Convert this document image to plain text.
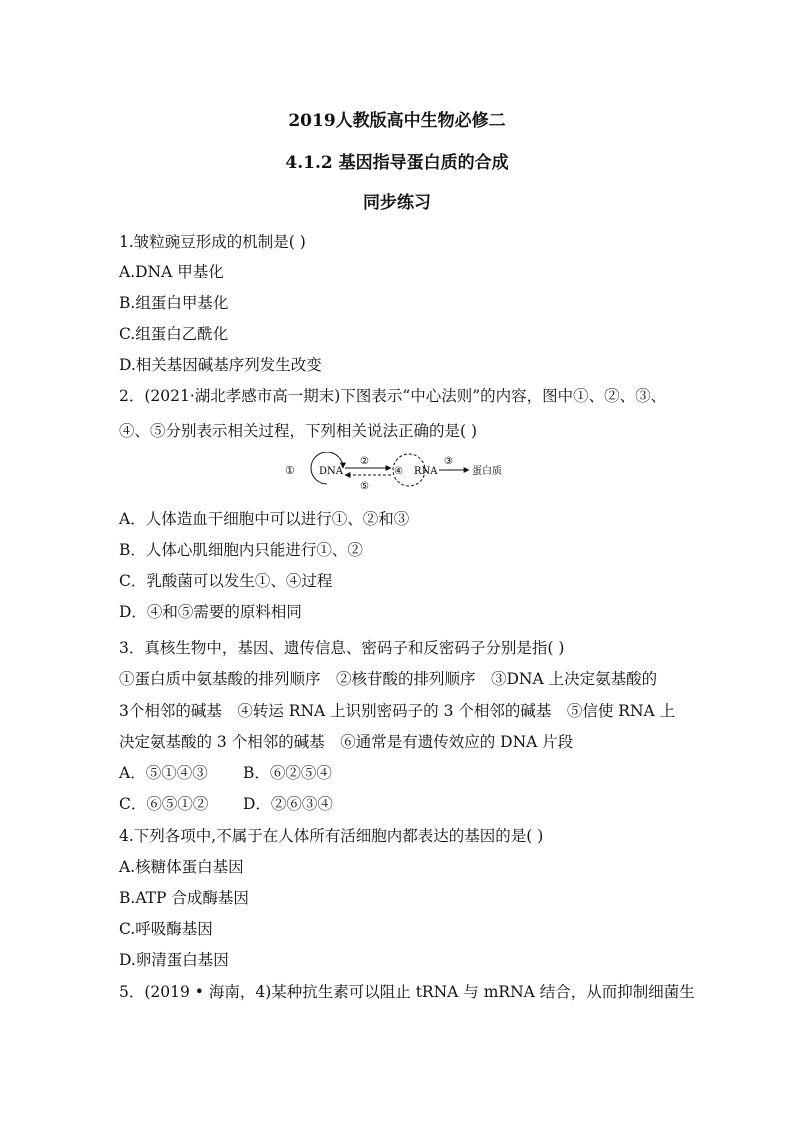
2019人教版高中生物必修二
4.1.2 基因指导蛋白质的合成
同步练习
1.皱粒豌豆形成的机制是( )
A.DNA 甲基化
B.组蛋白甲基化
C.组蛋白乙酰化
D.相关基因碱基序列发生改变
2．(2021·湖北孝感市高一期末)下图表示“中心法则”的内容，图中①、②、③、
④、⑤分别表示相关过程，下列相关说法正确的是( )
① DNA
②
⑤
④ RNA
③
蛋白质
A．人体造血干细胞中可以进行①、②和③
B．人体心肌细胞内只能进行①、②
C．乳酸菌可以发生①、④过程
D．④和⑤需要的原料相同
3．真核生物中，基因、遗传信息、密码子和反密码子分别是指( )
①蛋白质中氨基酸的排列顺序　②核苷酸的排列顺序　③DNA 上决定氨基酸的
3个相邻的碱基　④转运 RNA 上识别密码子的 3 个相邻的碱基　⑤信使 RNA 上
决定氨基酸的 3 个相邻的碱基　⑥通常是有遗传效应的 DNA 片段
A．⑤①④③ B．⑥②⑤④
C．⑥⑤①② D．②⑥③④
4.下列各项中,不属于在人体所有活细胞内都表达的基因的是( )
A.核糖体蛋白基因
B.ATP 合成酶基因
C.呼吸酶基因
D.卵清蛋白基因
5．(2019 • 海南，4)某种抗生素可以阻止 tRNA 与 mRNA 结合，从而抑制细菌生
